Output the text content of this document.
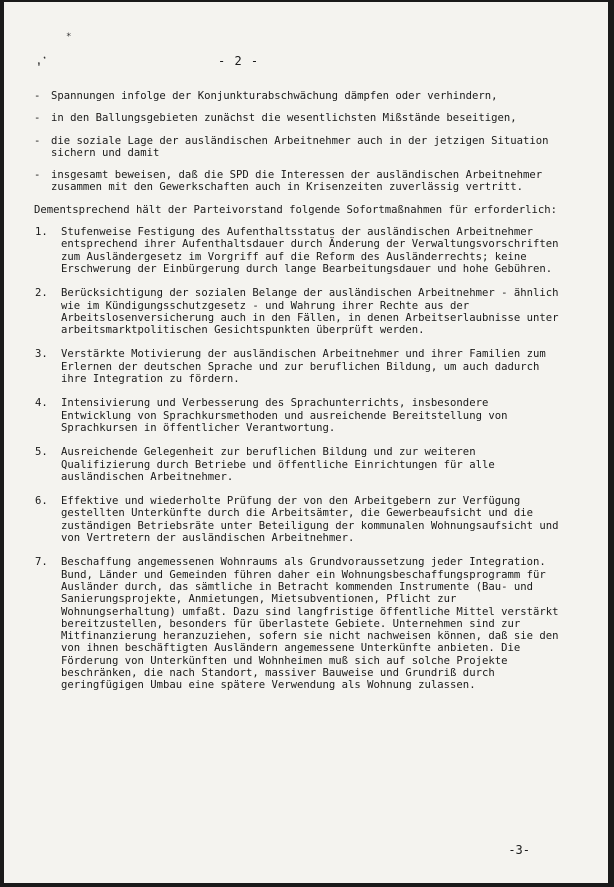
*
,·	- 2 -
- Spannungen infolge der Konjunkturabschwächung dämpfen oder verhindern,
- in den Ballungsgebieten zunächst die wesentlichsten Mißstände beseitigen,
- die soziale Lage der ausländischen Arbeitnehmer auch in der jetzigen Situation sichern und damit
- insgesamt beweisen, daß die SPD die Interessen der ausländischen Arbeitnehmer zusammen mit den Gewerkschaften auch in Krisenzeiten zuverlässig vertritt.

Dementsprechend hält der Parteivorstand folgende Sofortmaßnahmen für erforderlich:

1. Stufenweise Festigung des Aufenthaltsstatus der ausländischen Arbeitnehmer entsprechend ihrer Aufenthaltsdauer durch Änderung der Verwaltungsvorschriften zum Ausländergesetz im Vorgriff auf die Reform des Ausländerrechts; keine Erschwerung der Einbürgerung durch lange Bearbeitungsdauer und hohe Gebühren.
2. Berücksichtigung der sozialen Belange der ausländischen Arbeitnehmer - ähnlich wie im Kündigungsschutzgesetz - und Wahrung ihrer Rechte aus der Arbeitslosenversicherung auch in den Fällen, in denen Arbeitserlaubnisse unter arbeitsmarktpolitischen Gesichtspunkten überprüft werden.
3. Verstärkte Motivierung der ausländischen Arbeitnehmer und ihrer Familien zum Erlernen der deutschen Sprache und zur beruflichen Bildung, um auch dadurch ihre Integration zu fördern.
4. Intensivierung und Verbesserung des Sprachunterrichts, insbesondere Entwicklung von Sprachkursmethoden und ausreichende Bereitstellung von Sprachkursen in öffentlicher Verantwortung.
5. Ausreichende Gelegenheit zur beruflichen Bildung und zur weiteren Qualifizierung durch Betriebe und öffentliche Einrichtungen für alle ausländischen Arbeitnehmer.
6. Effektive und wiederholte Prüfung der von den Arbeitgebern zur Verfügung gestellten Unterkünfte durch die Arbeitsämter, die Gewerbeaufsicht und die zuständigen Betriebsräte unter Beteiligung der kommunalen Wohnungsaufsicht und von Vertretern der ausländischen Arbeitnehmer.
7. Beschaffung angemessenen Wohnraums als Grundvoraussetzung jeder Integration. Bund, Länder und Gemeinden führen daher ein Wohnungsbeschaffungsprogramm für Ausländer durch, das sämtliche in Betracht kommenden Instrumente (Bau- und Sanierungsprojekte, Anmietungen, Mietsubventionen, Pflicht zur Wohnungserhaltung) umfaßt. Dazu sind langfristige öffentliche Mittel verstärkt bereitzustellen, besonders für überlastete Gebiete. Unternehmen sind zur Mitfinanzierung heranzuziehen, sofern sie nicht nachweisen können, daß sie den von ihnen beschäftigten Ausländern angemessene Unterkünfte anbieten. Die Förderung von Unterkünften und Wohnheimen muß sich auf solche Projekte beschränken, die nach Standort, massiver Bauweise und Grundriß durch geringfügigen Umbau eine spätere Verwendung als Wohnung zulassen.
-3-
